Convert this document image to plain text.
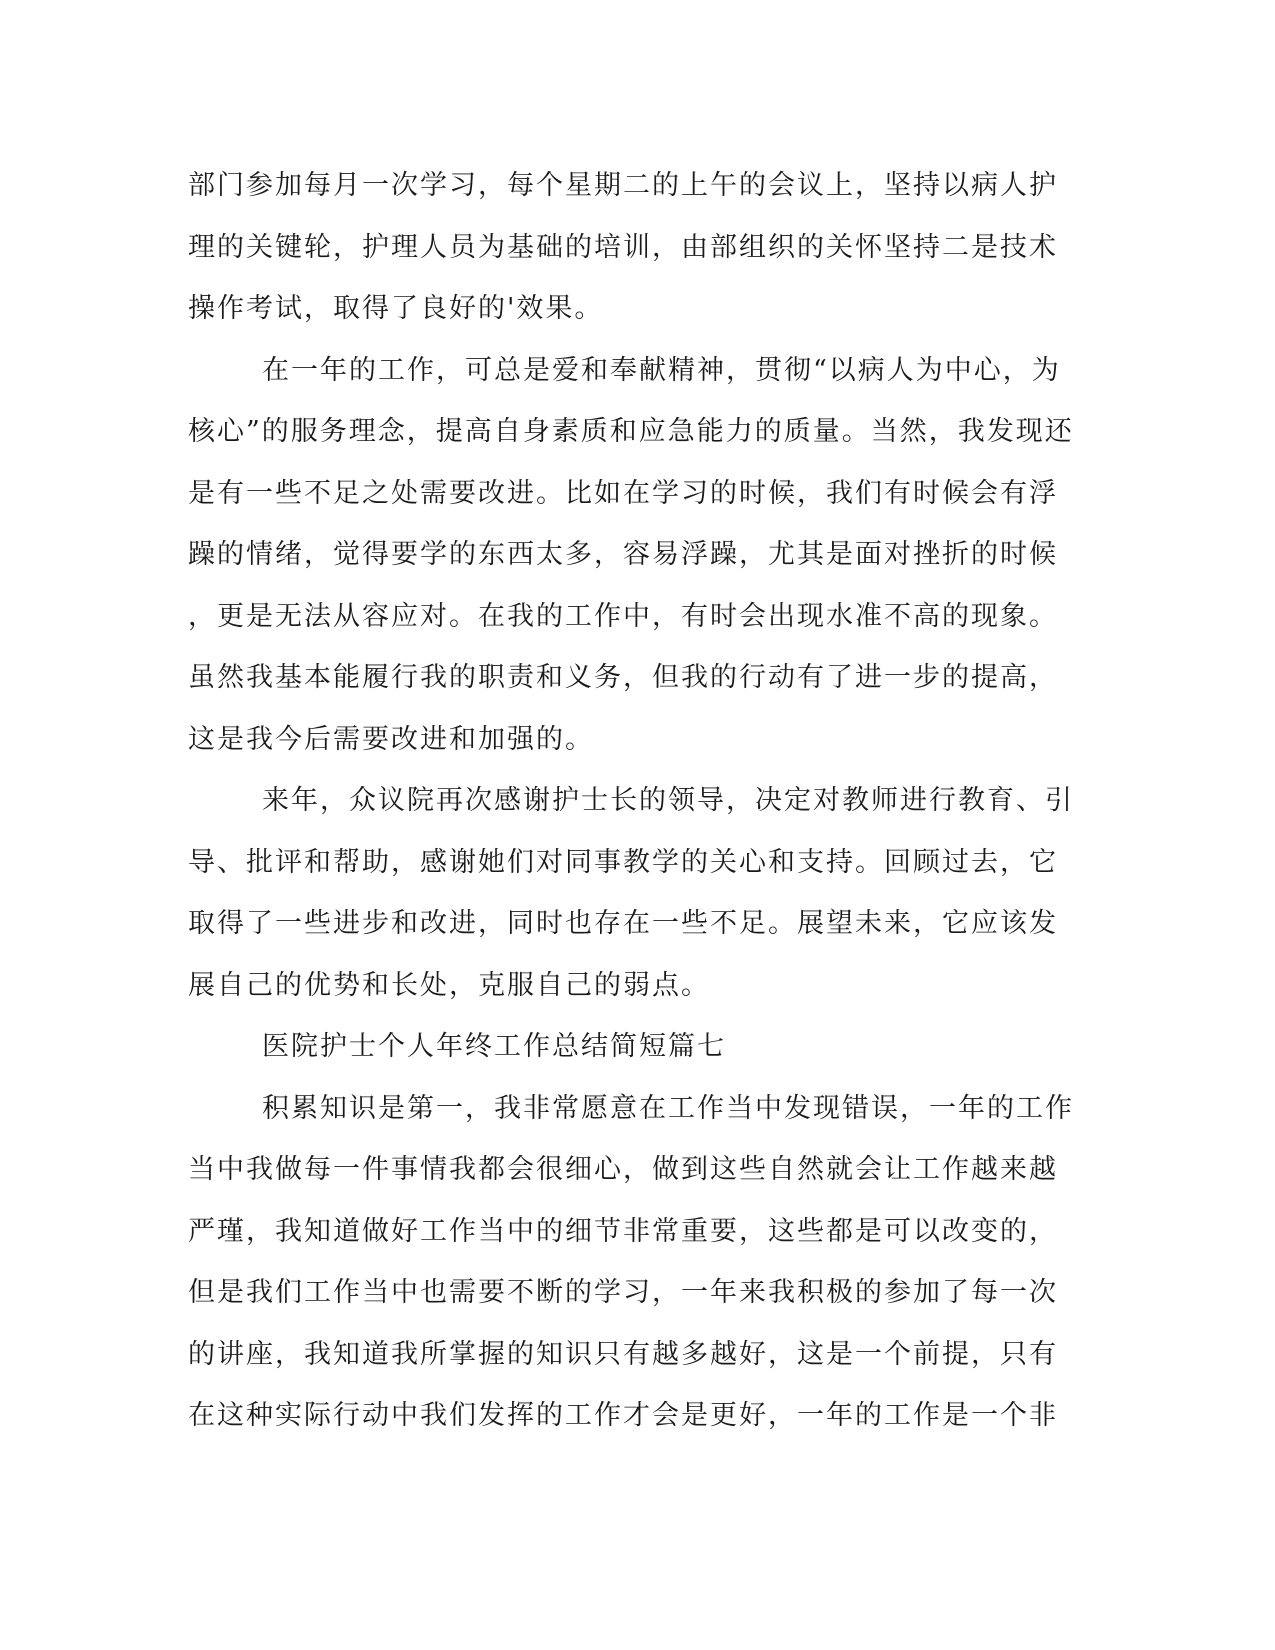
部门参加每月一次学习，每个星期二的上午的会议上，坚持以病人护
理的关键轮，护理人员为基础的培训，由部组织的关怀坚持二是技术
操作考试，取得了良好的'效果。
在一年的工作，可总是爱和奉献精神，贯彻“以病人为中心，为
核心”的服务理念，提高自身素质和应急能力的质量。当然，我发现还
是有一些不足之处需要改进。比如在学习的时候，我们有时候会有浮
躁的情绪，觉得要学的东西太多，容易浮躁，尤其是面对挫折的时候
，更是无法从容应对。在我的工作中，有时会出现水准不高的现象。
虽然我基本能履行我的职责和义务，但我的行动有了进一步的提高，
这是我今后需要改进和加强的。
来年，众议院再次感谢护士长的领导，决定对教师进行教育、引
导、批评和帮助，感谢她们对同事教学的关心和支持。回顾过去，它
取得了一些进步和改进，同时也存在一些不足。展望未来，它应该发
展自己的优势和长处，克服自己的弱点。
医院护士个人年终工作总结简短篇七
积累知识是第一，我非常愿意在工作当中发现错误，一年的工作
当中我做每一件事情我都会很细心，做到这些自然就会让工作越来越
严瑾，我知道做好工作当中的细节非常重要，这些都是可以改变的，
但是我们工作当中也需要不断的学习，一年来我积极的参加了每一次
的讲座，我知道我所掌握的知识只有越多越好，这是一个前提，只有
在这种实际行动中我们发挥的工作才会是更好，一年的工作是一个非
